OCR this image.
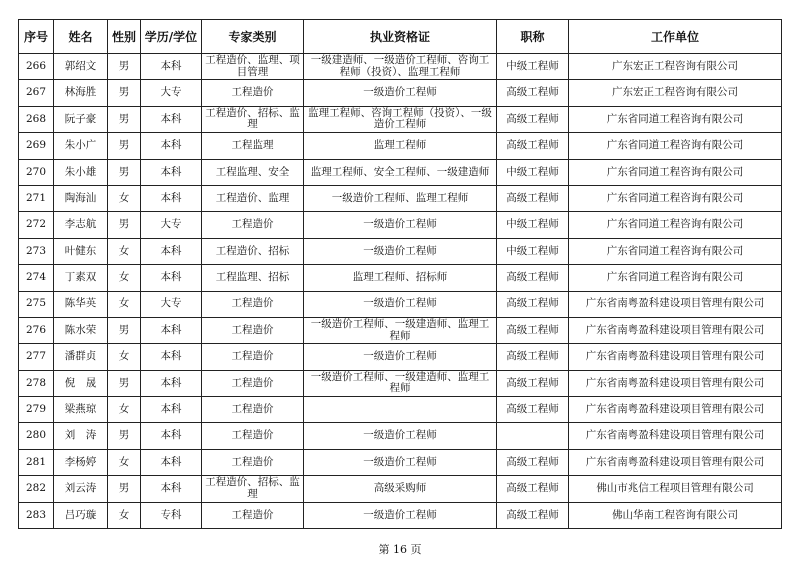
序号	姓名	性别	学历/学位	专家类别	执业资格证	职称	工作单位
266	郭绍文	男	本科	工程造价、监理、项目管理	一级建造师、一级造价工程师、咨询工程师（投资）、监理工程师	中级工程师	广东宏正工程咨询有限公司
267	林海胜	男	大专	工程造价	一级造价工程师	高级工程师	广东宏正工程咨询有限公司
268	阮子豪	男	本科	工程造价、招标、监理	监理工程师、咨询工程师（投资）、一级造价工程师	高级工程师	广东省同道工程咨询有限公司
269	朱小广	男	本科	工程监理	监理工程师	高级工程师	广东省同道工程咨询有限公司
270	朱小雄	男	本科	工程监理、安全	监理工程师、安全工程师、一级建造师	中级工程师	广东省同道工程咨询有限公司
271	陶海汕	女	本科	工程造价、监理	一级造价工程师、监理工程师	高级工程师	广东省同道工程咨询有限公司
272	李志航	男	大专	工程造价	一级造价工程师	中级工程师	广东省同道工程咨询有限公司
273	叶健东	女	本科	工程造价、招标	一级造价工程师	中级工程师	广东省同道工程咨询有限公司
274	丁素双	女	本科	工程监理、招标	监理工程师、招标师	高级工程师	广东省同道工程咨询有限公司
275	陈华英	女	大专	工程造价	一级造价工程师	高级工程师	广东省南粤盈科建设项目管理有限公司
276	陈水荣	男	本科	工程造价	一级造价工程师、一级建造师、监理工程师	高级工程师	广东省南粤盈科建设项目管理有限公司
277	潘群贞	女	本科	工程造价	一级造价工程师	高级工程师	广东省南粤盈科建设项目管理有限公司
278	倪　晟	男	本科	工程造价	一级造价工程师、一级建造师、监理工程师	高级工程师	广东省南粤盈科建设项目管理有限公司
279	梁燕琼	女	本科	工程造价		高级工程师	广东省南粤盈科建设项目管理有限公司
280	刘　涛	男	本科	工程造价	一级造价工程师		广东省南粤盈科建设项目管理有限公司
281	李杨婷	女	本科	工程造价	一级造价工程师	高级工程师	广东省南粤盈科建设项目管理有限公司
282	刘云涛	男	本科	工程造价、招标、监理	高级采购师	高级工程师	佛山市兆信工程项目管理有限公司
283	吕巧璇	女	专科	工程造价	一级造价工程师	高级工程师	佛山华南工程咨询有限公司
第 16 页
